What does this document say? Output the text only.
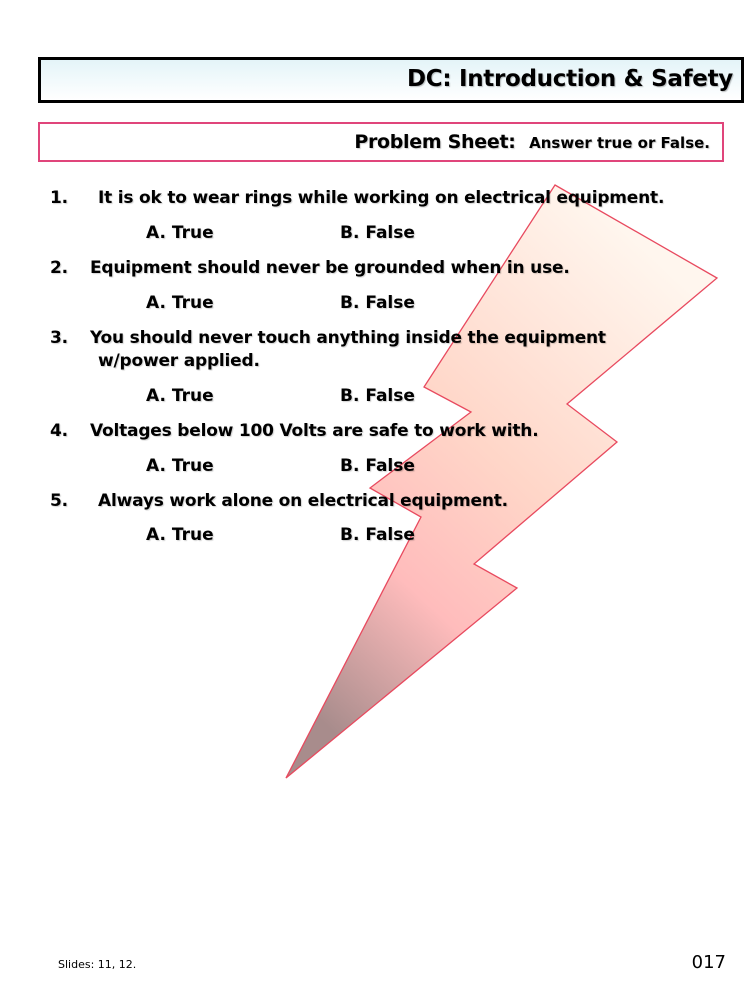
DC: Introduction & Safety
Problem Sheet: Answer true or False.
1. It is ok to wear rings while working on electrical equipment.
A. True	B. False
2. Equipment should never be grounded when in use.
A. True	B. False
3. You should never touch anything inside the equipment
w/power applied.
A. True	B. False
4. Voltages below 100 Volts are safe to work with.
A. True	B. False
5. Always work alone on electrical equipment.
A. True	B. False
Slides: 11, 12.	017
